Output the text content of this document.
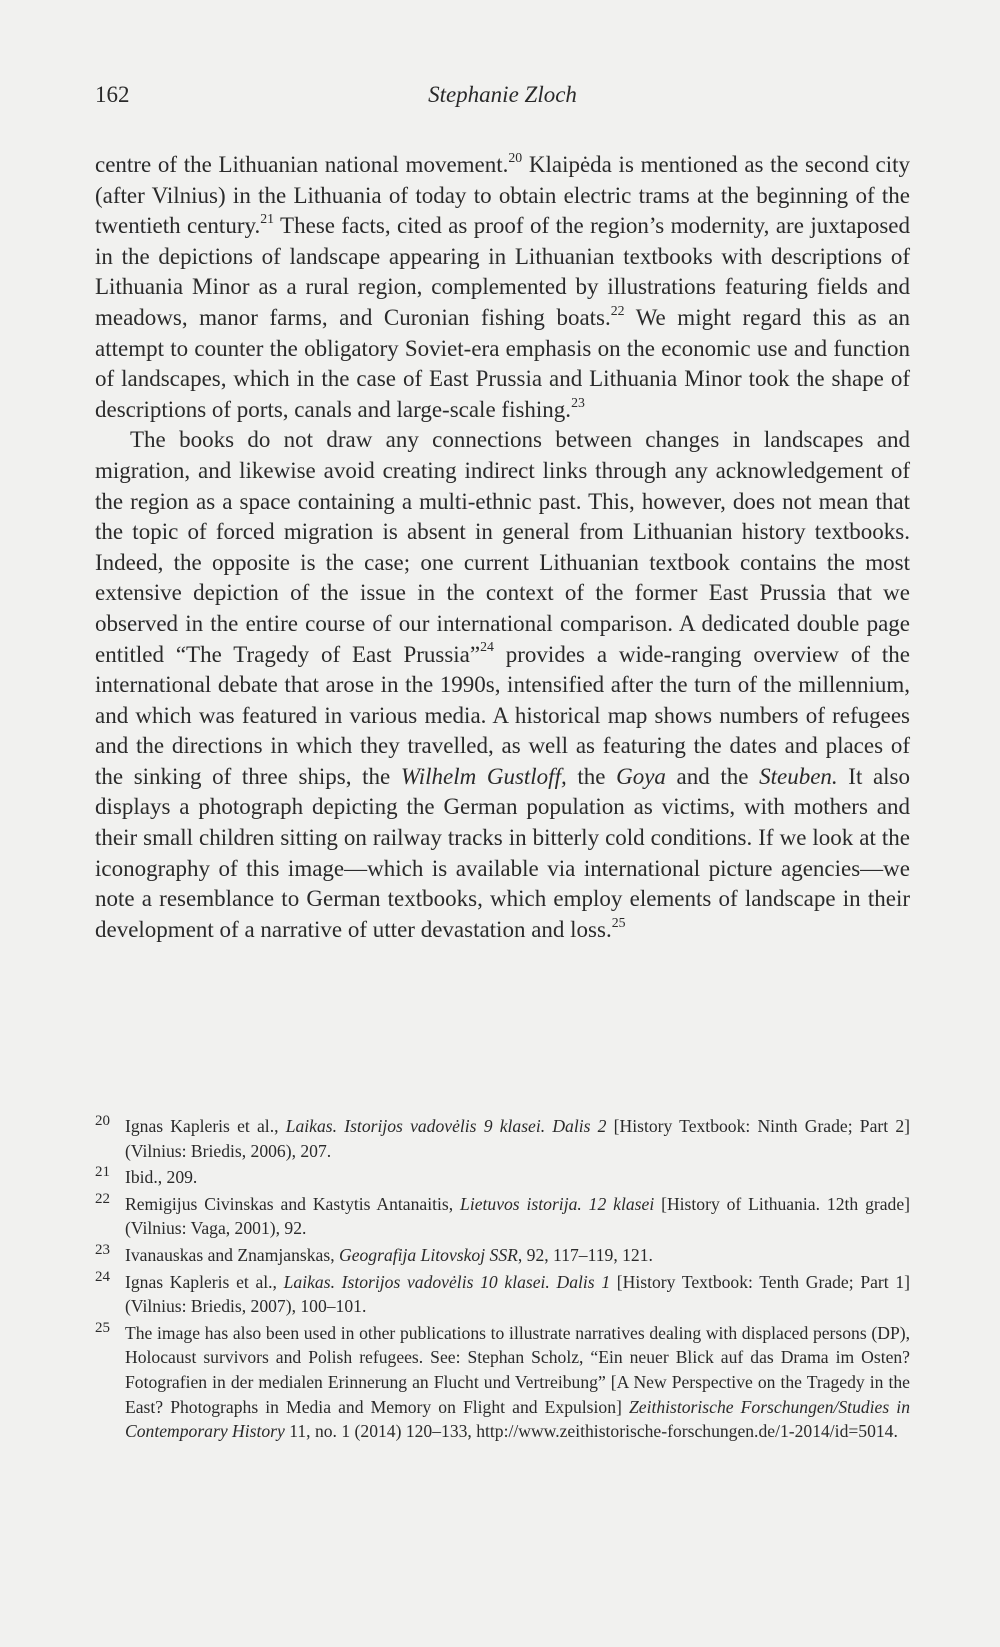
162	Stephanie Zloch

centre of the Lithuanian national movement.$^{20}$ Klaipėda is mentioned as the second city (after Vilnius) in the Lithuania of today to obtain electric trams at the beginning of the twentieth century.$^{21}$ These facts, cited as proof of the region’s modernity, are juxtaposed in the depictions of landscape appearing in Lithuanian textbooks with descriptions of Lithuania Minor as a rural region, complemented by illustrations featuring fields and meadows, manor farms, and Curonian fishing boats.$^{22}$ We might regard this as an attempt to counter the obligatory Soviet-era emphasis on the economic use and function of landscapes, which in the case of East Prussia and Lithuania Minor took the shape of descriptions of ports, canals and large-scale fishing.$^{23}$

The books do not draw any connections between changes in landscapes and migration, and likewise avoid creating indirect links through any acknowledgement of the region as a space containing a multi-ethnic past. This, however, does not mean that the topic of forced migration is absent in general from Lithuanian history textbooks. Indeed, the opposite is the case; one current Lithuanian textbook contains the most extensive depiction of the issue in the context of the former East Prussia that we observed in the entire course of our international comparison. A dedicated double page entitled “The Tragedy of East Prussia”$^{24}$ provides a wide-ranging overview of the international debate that arose in the 1990s, intensified after the turn of the millennium, and which was featured in various media. A historical map shows numbers of refugees and the directions in which they travelled, as well as featuring the dates and places of the sinking of three ships, the Wilhelm Gustloff, the Goya and the Steuben. It also displays a photograph depicting the German population as victims, with mothers and their small children sitting on railway tracks in bitterly cold conditions. If we look at the iconography of this image—which is available via international picture agencies—we note a resemblance to German textbooks, which employ elements of landscape in their development of a narrative of utter devastation and loss.$^{25}$

20 Ignas Kapleris et al., Laikas. Istorijos vadovėlis 9 klasei. Dalis 2 [History Textbook: Ninth Grade; Part 2] (Vilnius: Briedis, 2006), 207.
21 Ibid., 209.
22 Remigijus Civinskas and Kastytis Antanaitis, Lietuvos istorija. 12 klasei [History of Lithuania. 12th grade] (Vilnius: Vaga, 2001), 92.
23 Ivanauskas and Znamjanskas, Geografija Litovskoj SSR, 92, 117–119, 121.
24 Ignas Kapleris et al., Laikas. Istorijos vadovėlis 10 klasei. Dalis 1 [History Textbook: Tenth Grade; Part 1] (Vilnius: Briedis, 2007), 100–101.
25 The image has also been used in other publications to illustrate narratives dealing with displaced persons (DP), Holocaust survivors and Polish refugees. See: Stephan Scholz, “Ein neuer Blick auf das Drama im Osten? Fotografien in der medialen Erinnerung an Flucht und Vertreibung” [A New Perspective on the Tragedy in the East? Photographs in Media and Memory on Flight and Expulsion] Zeithistorische Forschungen/Studies in Contemporary History 11, no. 1 (2014) 120–133, http://www.zeithistorische-forschungen.de/1-2014/id=5014.
